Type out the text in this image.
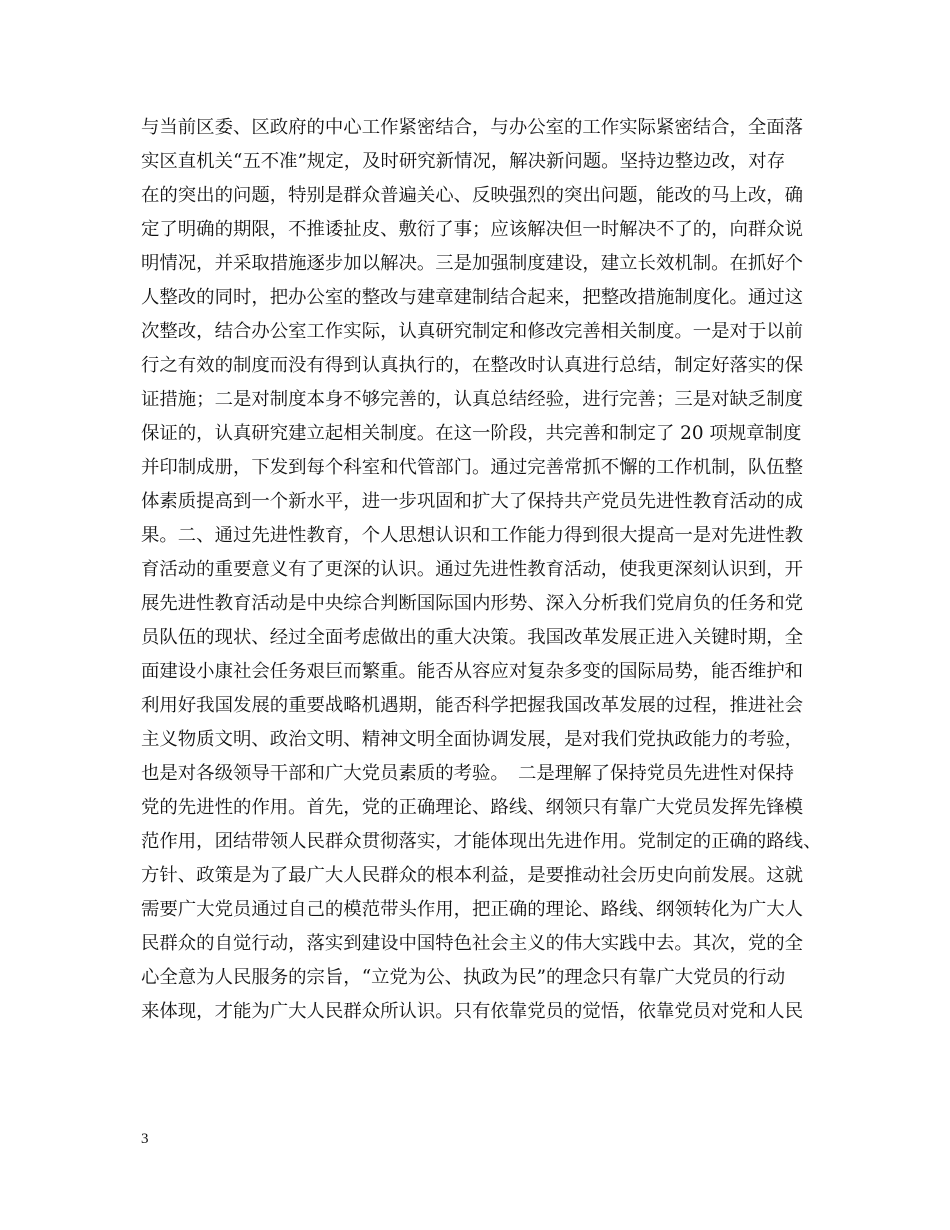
与当前区委、区政府的中心工作紧密结合，与办公室的工作实际紧密结合，全面落
实区直机关“五不准”规定，及时研究新情况，解决新问题。坚持边整边改，对存
在的突出的问题，特别是群众普遍关心、反映强烈的突出问题，能改的马上改，确
定了明确的期限，不推诿扯皮、敷衍了事；应该解决但一时解决不了的，向群众说
明情况，并采取措施逐步加以解决。三是加强制度建设，建立长效机制。在抓好个
人整改的同时，把办公室的整改与建章建制结合起来，把整改措施制度化。通过这
次整改，结合办公室工作实际，认真研究制定和修改完善相关制度。一是对于以前
行之有效的制度而没有得到认真执行的，在整改时认真进行总结，制定好落实的保
证措施；二是对制度本身不够完善的，认真总结经验，进行完善；三是对缺乏制度
保证的，认真研究建立起相关制度。在这一阶段，共完善和制定了 20 项规章制度
并印制成册，下发到每个科室和代管部门。通过完善常抓不懈的工作机制，队伍整
体素质提高到一个新水平，进一步巩固和扩大了保持共产党员先进性教育活动的成
果。二、通过先进性教育，个人思想认识和工作能力得到很大提高一是对先进性教
育活动的重要意义有了更深的认识。通过先进性教育活动，使我更深刻认识到，开
展先进性教育活动是中央综合判断国际国内形势、深入分析我们党肩负的任务和党
员队伍的现状、经过全面考虑做出的重大决策。我国改革发展正进入关键时期，全
面建设小康社会任务艰巨而繁重。能否从容应对复杂多变的国际局势，能否维护和
利用好我国发展的重要战略机遇期，能否科学把握我国改革发展的过程，推进社会
主义物质文明、政治文明、精神文明全面协调发展，是对我们党执政能力的考验，
也是对各级领导干部和广大党员素质的考验。　二是理解了保持党员先进性对保持
党的先进性的作用。首先，党的正确理论、路线、纲领只有靠广大党员发挥先锋模
范作用，团结带领人民群众贯彻落实，才能体现出先进作用。党制定的正确的路线、
方针、政策是为了最广大人民群众的根本利益，是要推动社会历史向前发展。这就
需要广大党员通过自己的模范带头作用，把正确的理论、路线、纲领转化为广大人
民群众的自觉行动，落实到建设中国特色社会主义的伟大实践中去。其次，党的全
心全意为人民服务的宗旨，“立党为公、执政为民”的理念只有靠广大党员的行动
来体现，才能为广大人民群众所认识。只有依靠党员的觉悟，依靠党员对党和人民
3
